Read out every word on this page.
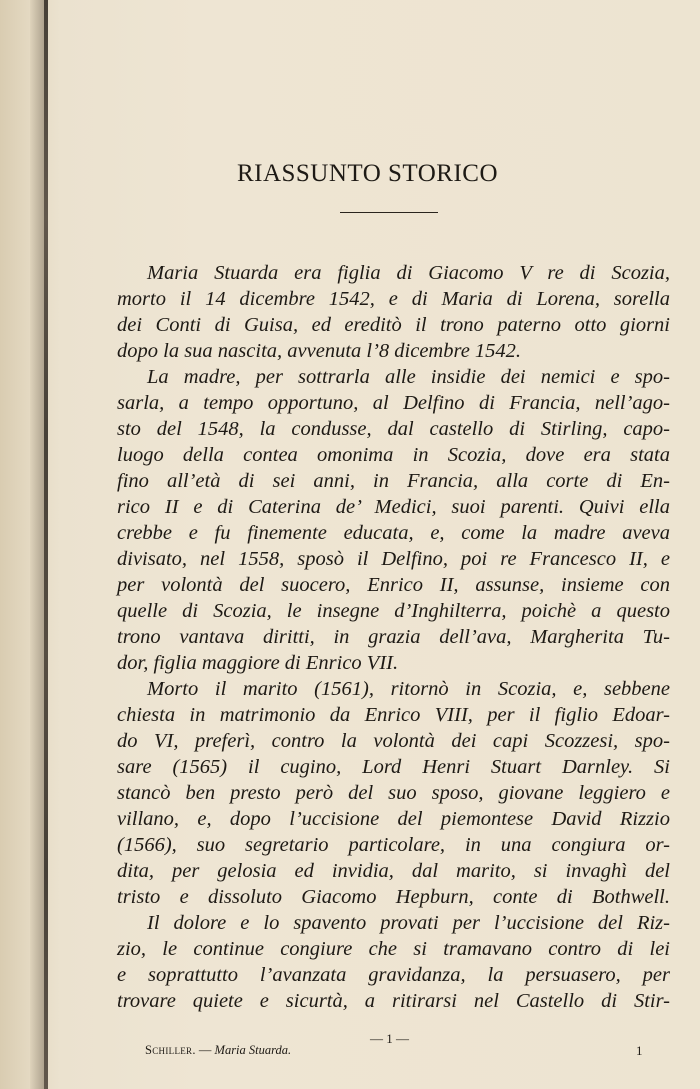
RIASSUNTO STORICO
Maria Stuarda era figlia di Giacomo V re di Scozia,
morto il 14 dicembre 1542, e di Maria di Lorena, sorella
dei Conti di Guisa, ed ereditò il trono paterno otto giorni
dopo la sua nascita, avvenuta l’8 dicembre 1542.
La madre, per sottrarla alle insidie dei nemici e spo-
sarla, a tempo opportuno, al Delfino di Francia, nell’ago-
sto del 1548, la condusse, dal castello di Stirling, capo-
luogo della contea omonima in Scozia, dove era stata
fino all’età di sei anni, in Francia, alla corte di En-
rico II e di Caterina de’ Medici, suoi parenti. Quivi ella
crebbe e fu finemente educata, e, come la madre aveva
divisato, nel 1558, sposò il Delfino, poi re Francesco II, e
per volontà del suocero, Enrico II, assunse, insieme con
quelle di Scozia, le insegne d’Inghilterra, poichè a questo
trono vantava diritti, in grazia dell’ava, Margherita Tu-
dor, figlia maggiore di Enrico VII.
Morto il marito (1561), ritornò in Scozia, e, sebbene
chiesta in matrimonio da Enrico VIII, per il figlio Edoar-
do VI, preferì, contro la volontà dei capi Scozzesi, spo-
sare (1565) il cugino, Lord Henri Stuart Darnley. Si
stancò ben presto però del suo sposo, giovane leggiero e
villano, e, dopo l’uccisione del piemontese David Rizzio
(1566), suo segretario particolare, in una congiura or-
dita, per gelosia ed invidia, dal marito, si invaghì del
tristo e dissoluto Giacomo Hepburn, conte di Bothwell.
Il dolore e lo spavento provati per l’uccisione del Riz-
zio, le continue congiure che si tramavano contro di lei
e soprattutto l’avanzata gravidanza, la persuasero, per
trovare quiete e sicurtà, a ritirarsi nel Castello di Stir-
— 1 —
Schiller. — Maria Stuarda.	1
